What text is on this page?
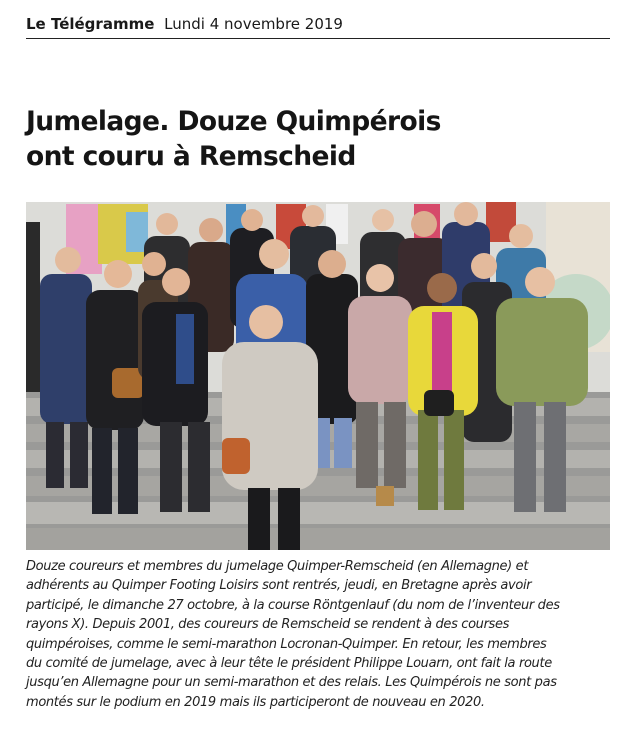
Le Télégramme Lundi 4 novembre 2019
Jumelage. Douze Quimpérois
ont couru à Remscheid

Douze coureurs et membres du jumelage Quimper-Remscheid (en Allemagne) et
adhérents au Quimper Footing Loisirs sont rentrés, jeudi, en Bretagne après avoir
participé, le dimanche 27 octobre, à la course Röntgenlauf (du nom de l’inventeur des
rayons X). Depuis 2001, des coureurs de Remscheid se rendent à des courses
quimpéroises, comme le semi-marathon Locronan-Quimper. En retour, les membres
du comité de jumelage, avec à leur tête le président Philippe Louarn, ont fait la route
jusqu’en Allemagne pour un semi-marathon et des relais. Les Quimpérois ne sont pas
montés sur le podium en 2019 mais ils participeront de nouveau en 2020.
